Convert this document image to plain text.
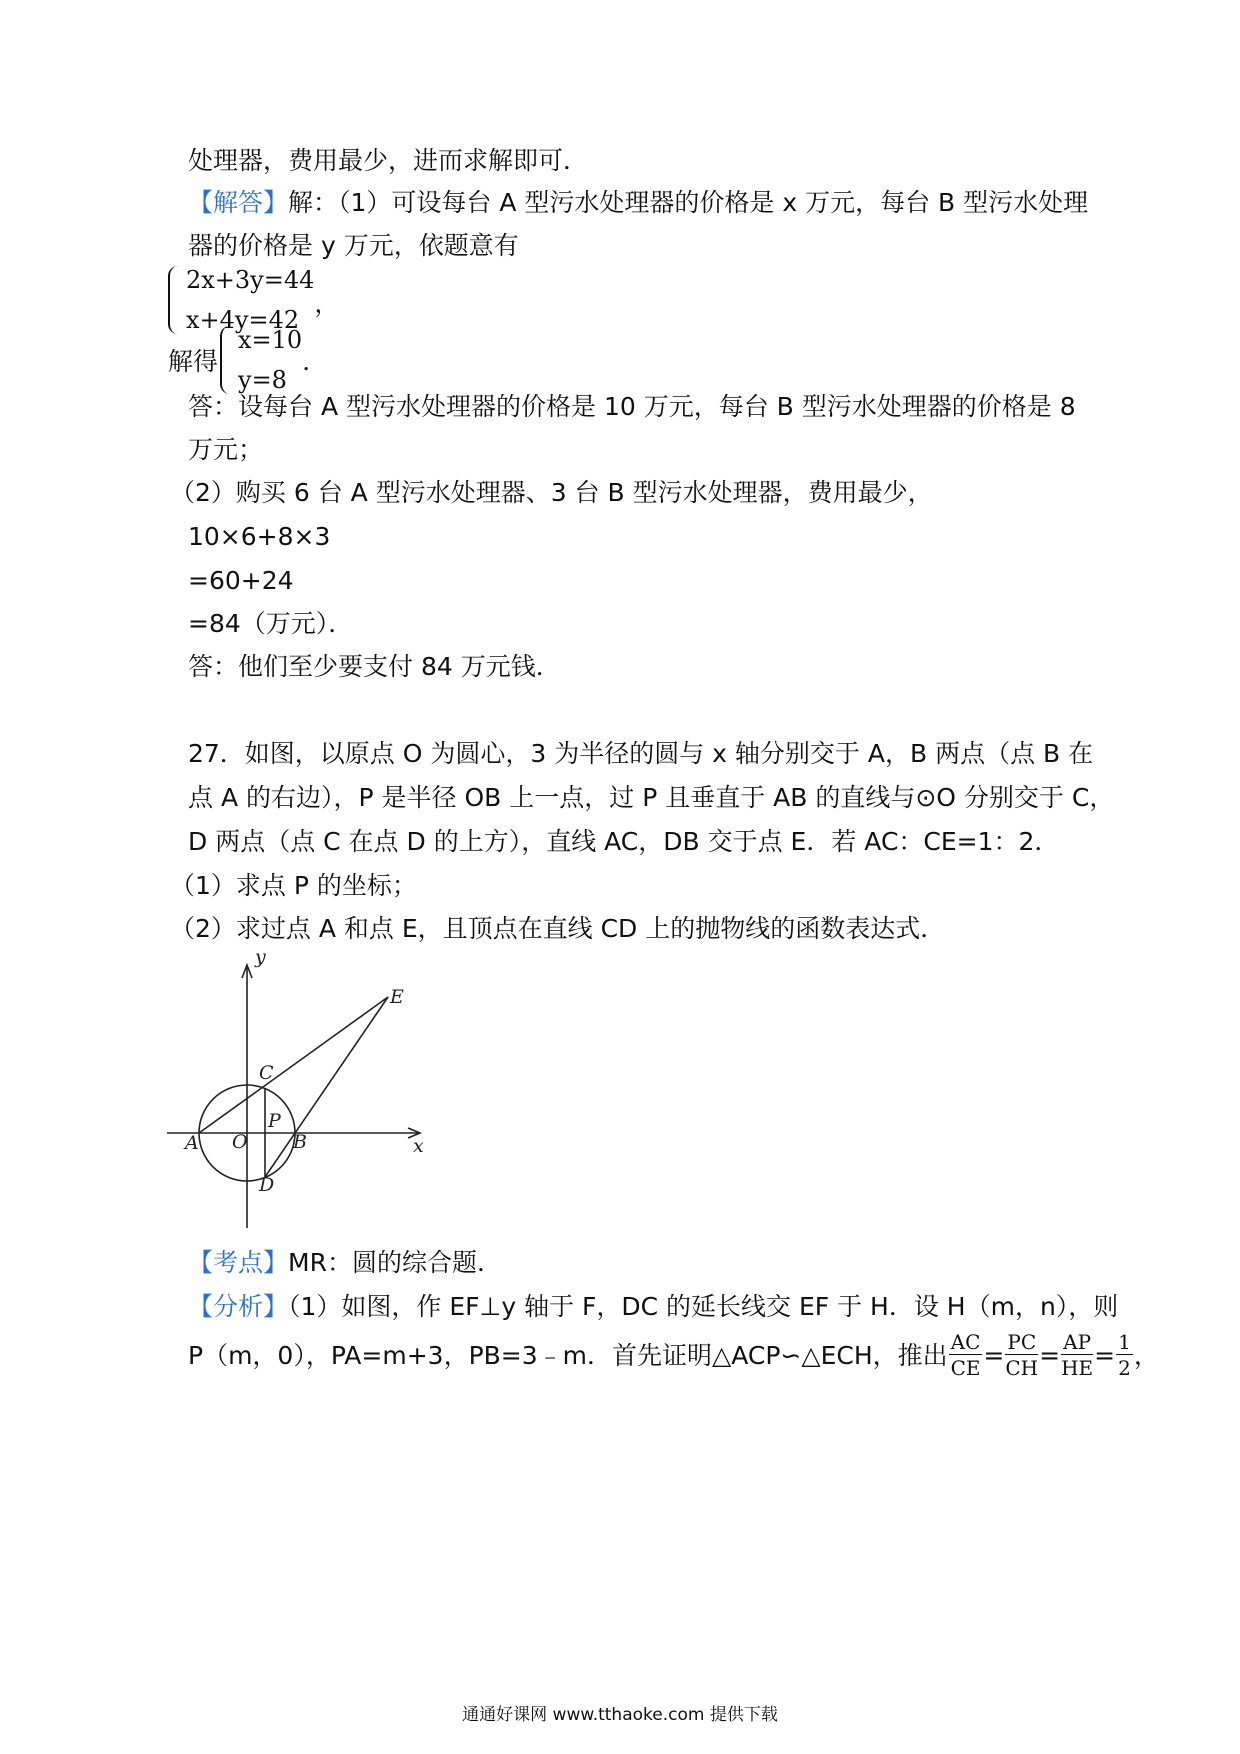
处理器，费用最少，进而求解即可．
【解答】解：（1）可设每台 A 型污水处理器的价格是 x 万元，每台 B 型污水处理
器的价格是 y 万元，依题意有
2x+3y=44
x+4y=42
，
解得
x=10
y=8
．
答：设每台 A 型污水处理器的价格是 10 万元，每台 B 型污水处理器的价格是 8
万元；
（2）购买 6 台 A 型污水处理器、3 台 B 型污水处理器，费用最少，
10×6+8×3
=60+24
=84（万元）．
答：他们至少要支付 84 万元钱．
27．如图，以原点 O 为圆心，3 为半径的圆与 x 轴分别交于 A，B 两点（点 B 在
点 A 的右边），P 是半径 OB 上一点，过 P 且垂直于 AB 的直线与⊙O 分别交于 C，
D 两点（点 C 在点 D 的上方），直线 AC，DB 交于点 E．若 AC：CE=1：2．
（1）求点 P 的坐标；
（2）求过点 A 和点 E，且顶点在直线 CD 上的抛物线的函数表达式．
y
x
E
C
P
A O B
D
【考点】MR：圆的综合题．
【分析】（1）如图，作 EF⊥y 轴于 F，DC 的延长线交 EF 于 H．设 H（m，n），则
P（m，0），PA=m+3，PB=3﹣m．首先证明△ACP∽△ECH，推出 $\frac{AC}{CE} = \frac{PC}{CH} = \frac{AP}{HE} = \frac{1}{2}$ ，
通通好课网 www.tthaoke.com 提供下载
